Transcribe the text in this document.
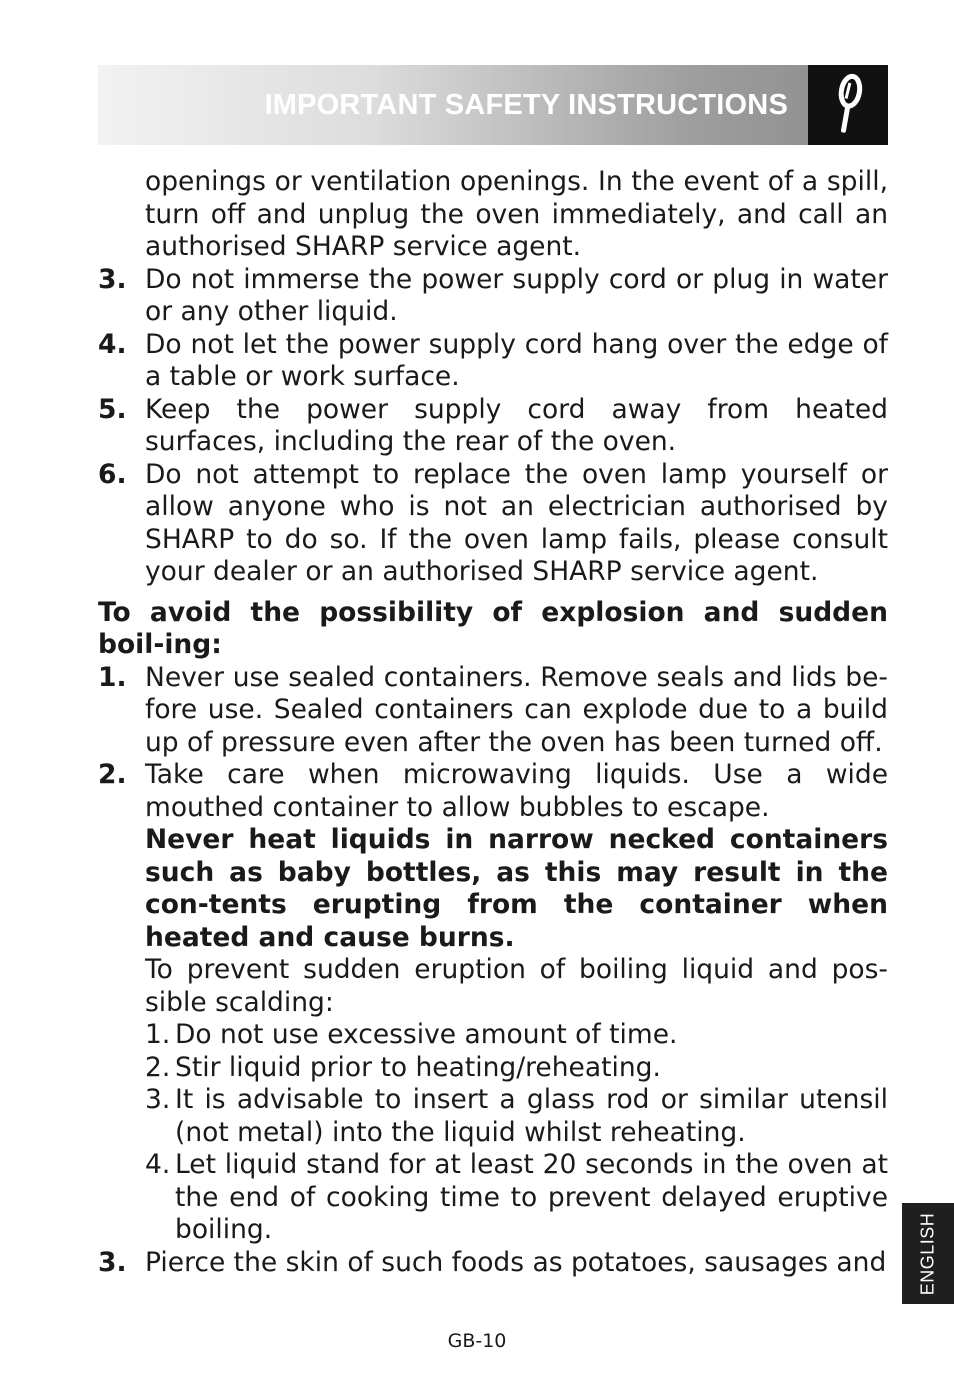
IMPORTANT SAFETY INSTRUCTIONS

openings or ventilation openings. In the event of a spill, turn off and unplug the oven immediately, and call an authorised SHARP service agent.

3. Do not immerse the power supply cord or plug in water or any other liquid.
4. Do not let the power supply cord hang over the edge of a table or work surface.
5. Keep the power supply cord away from heated surfaces, including the rear of the oven.
6. Do not attempt to replace the oven lamp yourself or allow anyone who is not an electrician authorised by SHARP to do so. If the oven lamp fails, please consult your dealer or an authorised SHARP service agent.

To avoid the possibility of explosion and sudden boil-ing:

1. Never use sealed containers. Remove seals and lids be-fore use. Sealed containers can explode due to a build up of pressure even after the oven has been turned off.
2. Take care when microwaving liquids. Use a wide mouthed container to allow bubbles to escape.
Never heat liquids in narrow necked containers such as baby bottles, as this may result in the con-tents erupting from the container when heated and cause burns.
To prevent sudden eruption of boiling liquid and pos-sible scalding:
1. Do not use excessive amount of time.
2. Stir liquid prior to heating/reheating.
3. It is advisable to insert a glass rod or similar utensil (not metal) into the liquid whilst reheating.
4. Let liquid stand for at least 20 seconds in the oven at the end of cooking time to prevent delayed eruptive boiling.
3. Pierce the skin of such foods as potatoes, sausages and ENGLISH
GB-10
